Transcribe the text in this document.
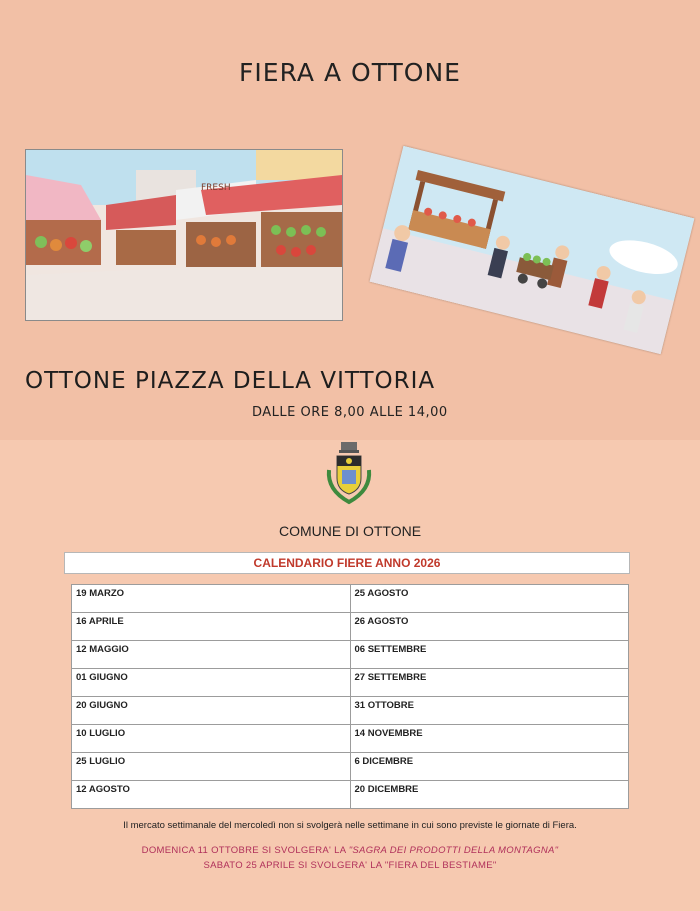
FIERA A OTTONE
FRESH
OTTONE PIAZZA DELLA VITTORIA
DALLE ORE 8,00 ALLE 14,00
COMUNE DI OTTONE
CALENDARIO FIERE ANNO 2026
19 MARZO	25 AGOSTO
16 APRILE	26 AGOSTO
12 MAGGIO	06 SETTEMBRE
01 GIUGNO	27 SETTEMBRE
20 GIUGNO	31 OTTOBRE
10 LUGLIO	14 NOVEMBRE
25 LUGLIO	6 DICEMBRE
12 AGOSTO	20 DICEMBRE
Il mercato settimanale del mercoledì non si svolgerà nelle settimane in cui sono previste le giornate di Fiera.
DOMENICA 11 OTTOBRE SI SVOLGERA' LA "SAGRA DEI PRODOTTI DELLA MONTAGNA"
SABATO 25 APRILE SI SVOLGERA' LA "FIERA DEL BESTIAME"
